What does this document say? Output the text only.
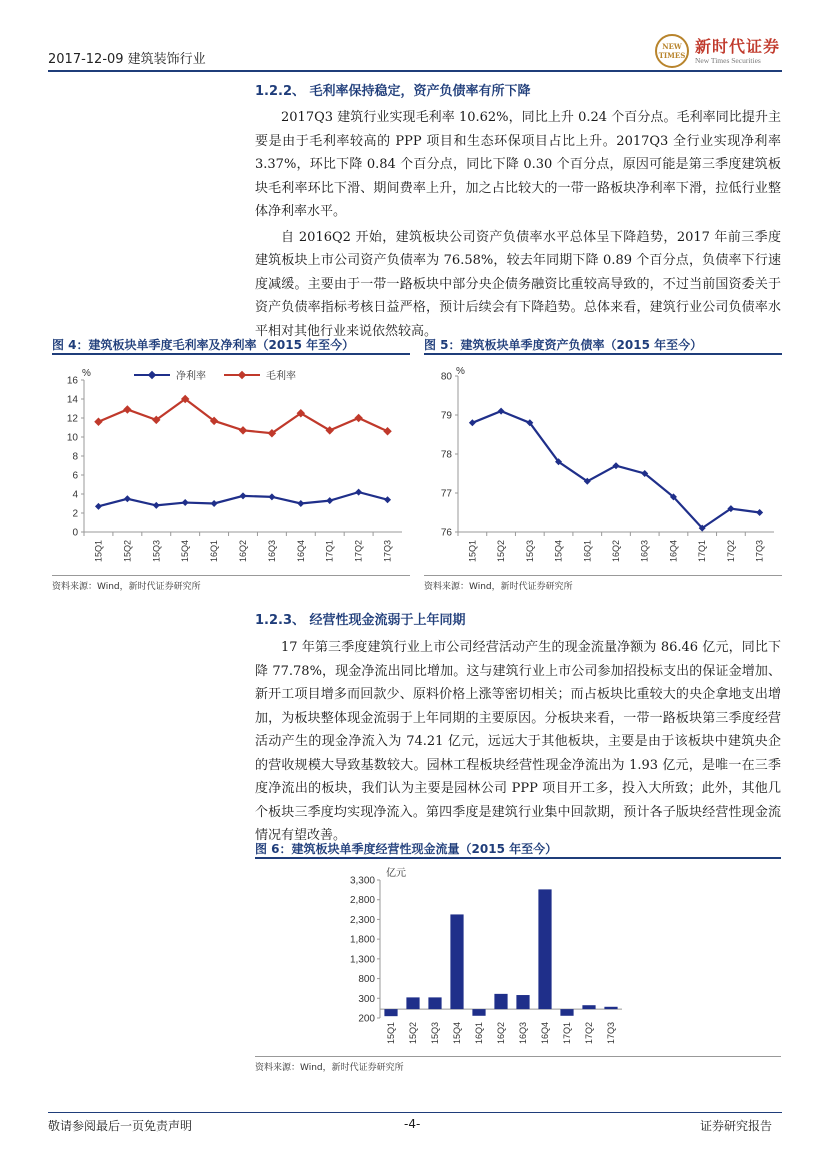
2017-12-09 建筑装饰行业
NEW TIMES 新时代证券
New Times Securities
1.2.2、 毛利率保持稳定，资产负债率有所下降

2017Q3 建筑行业实现毛利率 10.62%，同比上升 0.24 个百分点。毛利率同比提升主要是由于毛利率较高的 PPP 项目和生态环保项目占比上升。2017Q3 全行业实现净利率 3.37%，环比下降 0.84 个百分点，同比下降 0.30 个百分点，原因可能是第三季度建筑板块毛利率环比下滑、期间费率上升，加之占比较大的一带一路板块净利率下滑，拉低行业整体净利率水平。

自 2016Q2 开始，建筑板块公司资产负债率水平总体呈下降趋势，2017 年前三季度建筑板块上市公司资产负债率为 76.58%，较去年同期下降 0.89 个百分点，负债率下行速度减缓。主要由于一带一路板块中部分央企债务融资比重较高导致的，不过当前国资委关于资产负债率指标考核日益严格，预计后续会有下降趋势。总体来看，建筑行业公司负债率水平相对其他行业来说依然较高。

图 4：建筑板块单季度毛利率及净利率（2015 年至今）
0
2
4
6
8
10
12
14
16
15Q1 15Q2 15Q3 15Q4 16Q1 16Q2 16Q3 16Q4 17Q1 17Q2 17Q3
净利率	毛利率
%
资料来源：Wind，新时代证券研究所
图 5：建筑板块单季度资产负债率（2015 年至今）
76
77
78
79
80
15Q1 15Q2 15Q3 15Q4 16Q1 16Q2 16Q3 16Q4 17Q1 17Q2 17Q3
%
资料来源：Wind，新时代证券研究所
1.2.3、 经营性现金流弱于上年同期

17 年第三季度建筑行业上市公司经营活动产生的现金流量净额为 86.46 亿元，同比下降 77.78%，现金净流出同比增加。这与建筑行业上市公司参加招投标支出的保证金增加、新开工项目增多而回款少、原料价格上涨等密切相关；而占板块比重较大的央企拿地支出增加，为板块整体现金流弱于上年同期的主要原因。分板块来看，一带一路板块第三季度经营活动产生的现金净流入为 74.21 亿元，远远大于其他板块，主要是由于该板块中建筑央企的营收规模大导致基数较大。园林工程板块经营性现金净流出为 1.93 亿元，是唯一在三季度净流出的板块，我们认为主要是园林公司 PPP 项目开工多，投入大所致；此外，其他几个板块三季度均实现净流入。第四季度是建筑行业集中回款期，预计各子版块经营性现金流情况有望改善。

图 6：建筑板块单季度经营性现金流量（2015 年至今）
200
300
800
1,300
1,800
2,300
2,800
3,300
15Q1 15Q2 15Q3 15Q4 16Q1 16Q2 16Q3 16Q4 17Q1 17Q2 17Q3
亿元
资料来源：Wind，新时代证券研究所
敬请参阅最后一页免责声明	-4-	证券研究报告
